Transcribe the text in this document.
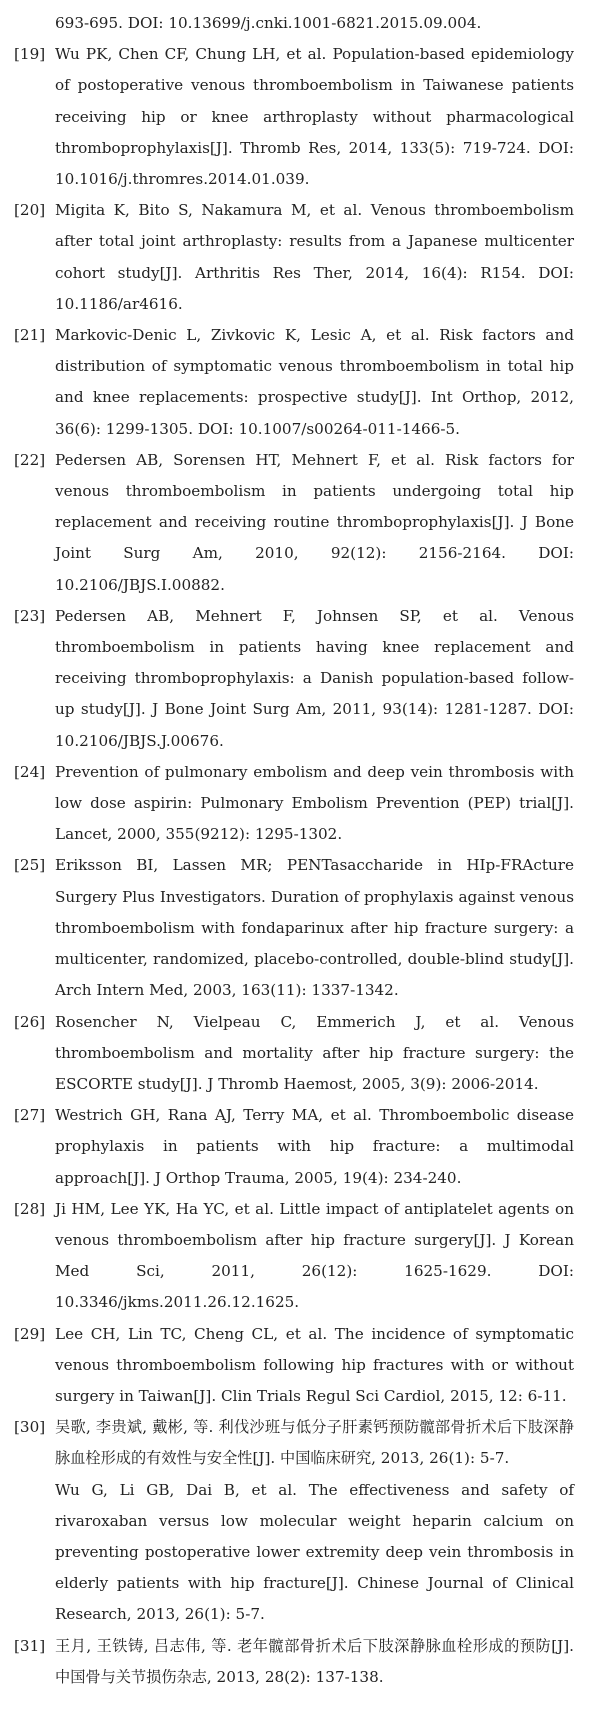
693-695. DOI: 10.13699/j.cnki.1001-6821.2015.09.004.
[19] Wu PK, Chen CF, Chung LH, et al. Population-based epidemiology of postoperative venous thromboembolism in Taiwanese patients receiving hip or knee arthroplasty without pharmacological thromboprophylaxis[J]. Thromb Res, 2014, 133(5): 719-724. DOI: 10.1016/j.thromres.2014.01.039.
[20] Migita K, Bito S, Nakamura M, et al. Venous thromboembolism after total joint arthroplasty: results from a Japanese multicenter cohort study[J]. Arthritis Res Ther, 2014, 16(4): R154. DOI: 10.1186/ar4616.
[21] Markovic-Denic L, Zivkovic K, Lesic A, et al. Risk factors and distribution of symptomatic venous thromboembolism in total hip and knee replacements: prospective study[J]. Int Orthop, 2012, 36(6): 1299-1305. DOI: 10.1007/s00264-011-1466-5.
[22] Pedersen AB, Sorensen HT, Mehnert F, et al. Risk factors for venous thromboembolism in patients undergoing total hip replacement and receiving routine thromboprophylaxis[J]. J Bone Joint Surg Am, 2010, 92(12): 2156-2164. DOI: 10.2106/JBJS.I.00882.
[23] Pedersen AB, Mehnert F, Johnsen SP, et al. Venous thromboembolism in patients having knee replacement and receiving thromboprophylaxis: a Danish population-based follow-up study[J]. J Bone Joint Surg Am, 2011, 93(14): 1281-1287. DOI: 10.2106/JBJS.J.00676.
[24] Prevention of pulmonary embolism and deep vein thrombosis with low dose aspirin: Pulmonary Embolism Prevention (PEP) trial[J]. Lancet, 2000, 355(9212): 1295-1302.
[25] Eriksson BI, Lassen MR; PENTasaccharide in HIp-FRActure Surgery Plus Investigators. Duration of prophylaxis against venous thromboembolism with fondaparinux after hip fracture surgery: a multicenter, randomized, placebo-controlled, double-blind study[J]. Arch Intern Med, 2003, 163(11): 1337-1342.
[26] Rosencher N, Vielpeau C, Emmerich J, et al. Venous thromboembolism and mortality after hip fracture surgery: the ESCORTE study[J]. J Thromb Haemost, 2005, 3(9): 2006-2014.
[27] Westrich GH, Rana AJ, Terry MA, et al. Thromboembolic disease prophylaxis in patients with hip fracture: a multimodal approach[J]. J Orthop Trauma, 2005, 19(4): 234-240.
[28] Ji HM, Lee YK, Ha YC, et al. Little impact of antiplatelet agents on venous thromboembolism after hip fracture surgery[J]. J Korean Med Sci, 2011, 26(12): 1625-1629. DOI: 10.3346/jkms.2011.26.12.1625.
[29] Lee CH, Lin TC, Cheng CL, et al. The incidence of symptomatic venous thromboembolism following hip fractures with or without surgery in Taiwan[J]. Clin Trials Regul Sci Cardiol, 2015, 12: 6-11.
[30] 吴歌, 李贵斌, 戴彬, 等. 利伐沙班与低分子肝素钙预防髋部骨折术后下肢深静脉血栓形成的有效性与安全性[J]. 中国临床研究, 2013, 26(1): 5-7.
Wu G, Li GB, Dai B, et al. The effectiveness and safety of rivaroxaban versus low molecular weight heparin calcium on preventing postoperative lower extremity deep vein thrombosis in elderly patients with hip fracture[J]. Chinese Journal of Clinical Research, 2013, 26(1): 5-7.
[31] 王月, 王铁铸, 吕志伟, 等. 老年髋部骨折术后下肢深静脉血栓形成的预防[J]. 中国骨与关节损伤杂志, 2013, 28(2): 137-138.
